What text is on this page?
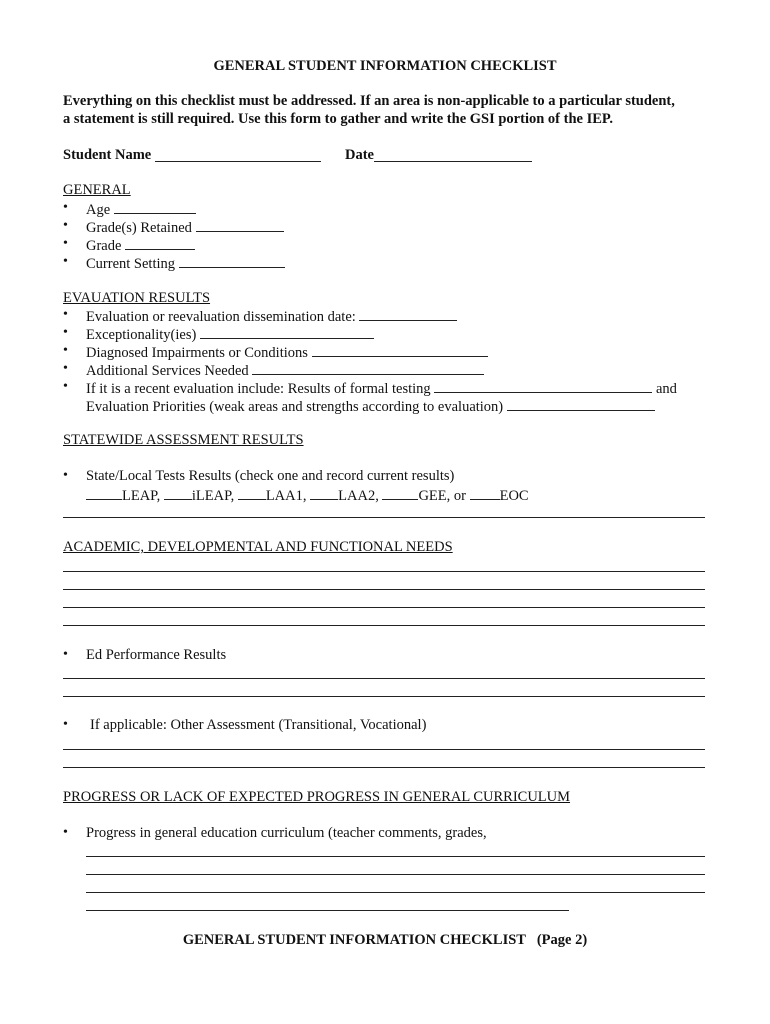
GENERAL STUDENT INFORMATION CHECKLIST
Everything on this checklist must be addressed. If an area is non-applicable to a particular student,
a statement is still required. Use this form to gather and write the GSI portion of the IEP.
Student Name	Date
GENERAL
• Age
• Grade(s) Retained
• Grade
• Current Setting
EVAUATION RESULTS
• Evaluation or reevaluation dissemination date:
• Exceptionality(ies)
• Diagnosed Impairments or Conditions
• Additional Services Needed
• If it is a recent evaluation include: Results of formal testing	and
Evaluation Priorities (weak areas and strengths according to evaluation)
STATEWIDE ASSESSMENT RESULTS
• State/Local Tests Results (check one and record current results)
LEAP, iLEAP, LAA1, LAA2,	GEE, or EOC
ACADEMIC, DEVELOPMENTAL AND FUNCTIONAL NEEDS
• Ed Performance Results
• If applicable: Other Assessment (Transitional, Vocational)
PROGRESS OR LACK OF EXPECTED PROGRESS IN GENERAL CURRICULUM
• Progress in general education curriculum (teacher comments, grades,
GENERAL STUDENT INFORMATION CHECKLIST (Page 2)
